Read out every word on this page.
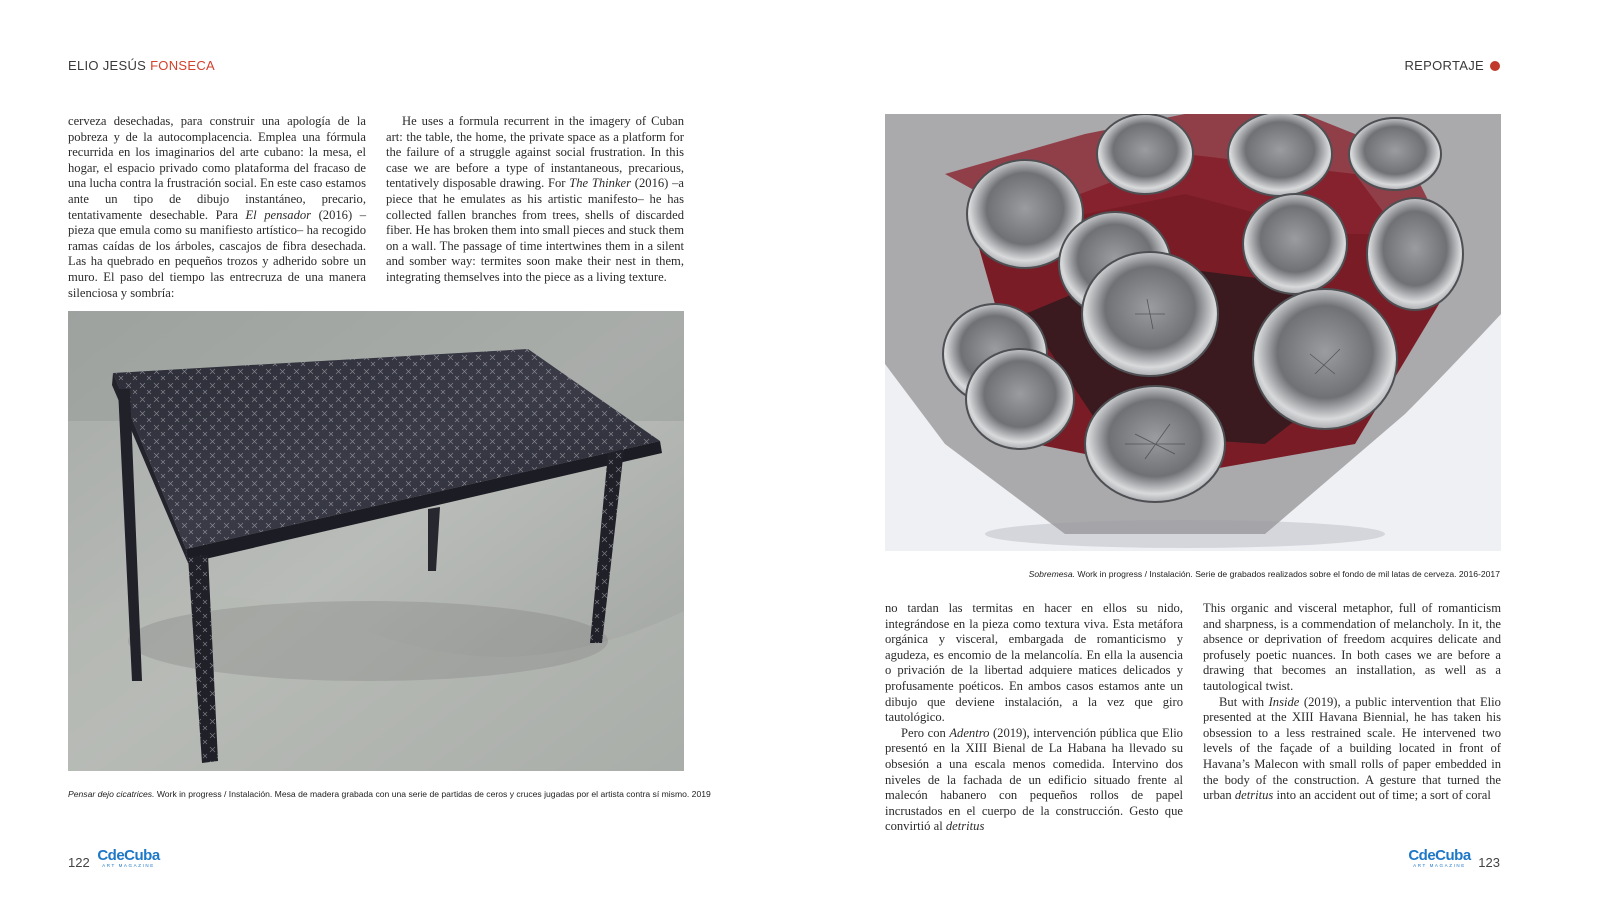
ELIO JESÚS FONSECA	REPORTAJE

cerveza desechadas, para construir una apología de la pobreza y de la autocomplacencia. Emplea una fórmula recurrida en los imaginarios del arte cubano: la mesa, el hogar, el espacio privado como plataforma del fracaso de una lucha contra la frustración social. En este caso estamos ante un tipo de dibujo instantáneo, precario, tentativamente desechable. Para El pensador (2016) –pieza que emula como su manifiesto artístico– ha recogido ramas caídas de los árboles, cascajos de fibra desechada. Las ha quebrado en pequeños trozos y adherido sobre un muro. El paso del tiempo las entrecruza de una manera silenciosa y sombría:

He uses a formula recurrent in the imagery of Cuban art: the table, the home, the private space as a platform for the failure of a struggle against social frustration. In this case we are before a type of instantaneous, precarious, tentatively disposable drawing. For The Thinker (2016) –a piece that he emulates as his artistic manifesto– he has collected fallen branches from trees, shells of discarded fiber. He has broken them into small pieces and stuck them on a wall. The passage of time intertwines them in a silent and somber way: termites soon make their nest in them, integrating themselves into the piece as a living texture.

Pensar dejo cicatrices. Work in progress / Instalación. Mesa de madera grabada con una serie de partidas de ceros y cruces jugadas por el artista contra sí mismo. 2019
Sobremesa. Work in progress / Instalación. Serie de grabados realizados sobre el fondo de mil latas de cerveza. 2016-2017

no tardan las termitas en hacer en ellos su nido, integrándose en la pieza como textura viva. Esta metáfora orgánica y visceral, embargada de romanticismo y agudeza, es encomio de la melancolía. En ella la ausencia o privación de la libertad adquiere matices delicados y profusamente poéticos. En ambos casos estamos ante un dibujo que deviene instalación, a la vez que giro tautológico.

Pero con Adentro (2019), intervención pública que Elio presentó en la XIII Bienal de La Habana ha llevado su obsesión a una escala menos comedida. Intervino dos niveles de la fachada de un edificio situado frente al malecón habanero con pequeños rollos de papel incrustados en el cuerpo de la construcción. Gesto que convirtió al detritus

This organic and visceral metaphor, full of romanticism and sharpness, is a commendation of melancholy. In it, the absence or deprivation of freedom acquires delicate and profusely poetic nuances. In both cases we are before a drawing that becomes an installation, as well as a tautological twist.

But with Inside (2019), a public intervention that Elio presented at the XIII Havana Biennial, he has taken his obsession to a less restrained scale. He intervened two levels of the façade of a building located in front of Havana’s Malecon with small rolls of paper embedded in the body of the construction. A gesture that turned the urban detritus into an accident out of time; a sort of coral

122 CdeCuba
ART MAGAZINE
CdeCuba
ART MAGAZINE 123
